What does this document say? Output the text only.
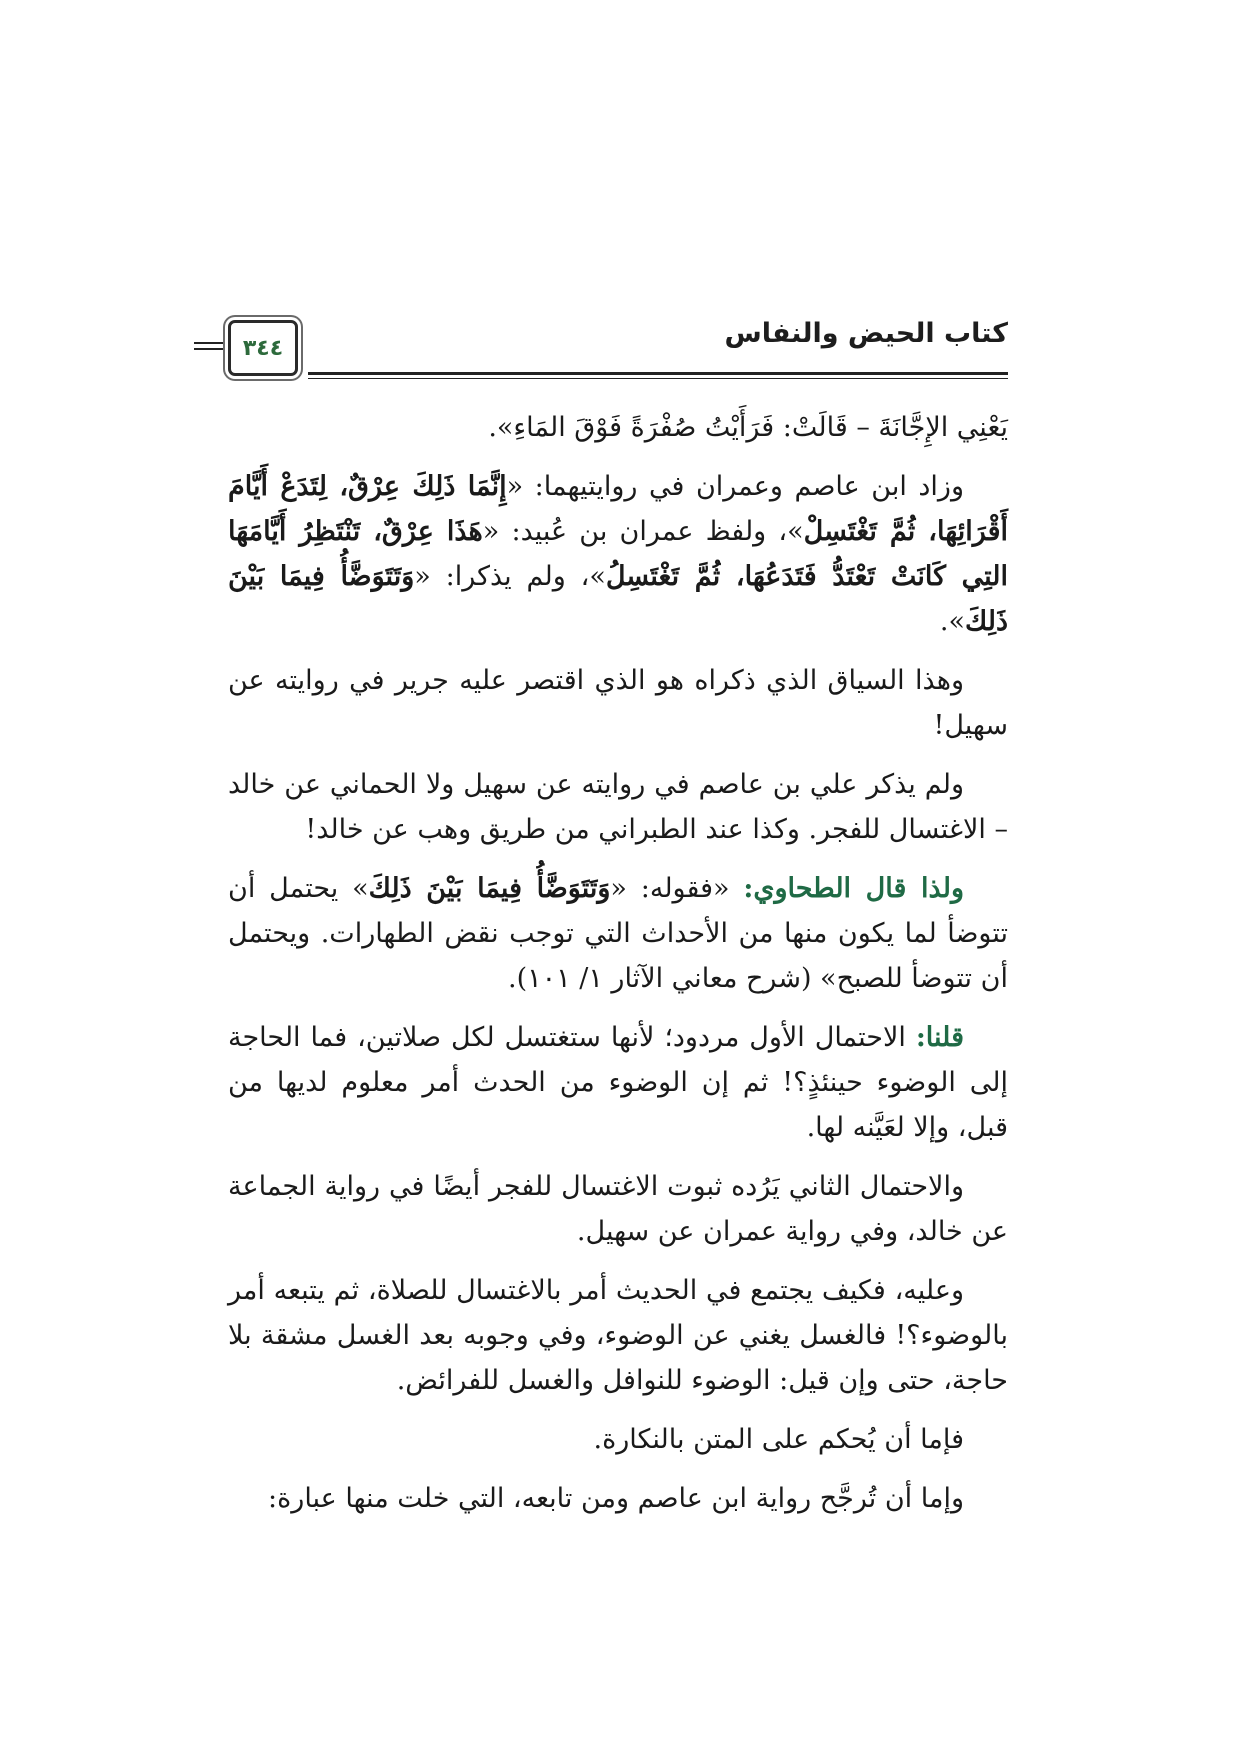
٣٤٤	كتاب الحيض والنفاس

يَعْنِي الإِجَّانَةَ – قَالَتْ: فَرَأَيْتُ صُفْرَةً فَوْقَ المَاءِ».

وزاد ابن عاصم وعمران في روايتيهما: «إِنَّمَا ذَلِكَ عِرْقٌ، لِتَدَعْ أَيَّامَ أَقْرَائِهَا، ثُمَّ تَغْتَسِلْ»، ولفظ عمران بن عُبيد: «هَذَا عِرْقٌ، تَنْتَظِرُ أَيَّامَهَا التِي كَانَتْ تَعْتَدُّ فَتَدَعُهَا، ثُمَّ تَغْتَسِلُ»، ولم يذكرا: «وَتَتَوَضَّأُ فِيمَا بَيْنَ ذَلِكَ».

وهذا السياق الذي ذكراه هو الذي اقتصر عليه جرير في روايته عن سهيل!

ولم يذكر علي بن عاصم في روايته عن سهيل ولا الحماني عن خالد – الاغتسال للفجر. وكذا عند الطبراني من طريق وهب عن خالد!

ولذا قال الطحاوي: «فقوله: «وَتَتَوَضَّأُ فِيمَا بَيْنَ ذَلِكَ» يحتمل أن تتوضأ لما يكون منها من الأحداث التي توجب نقض الطهارات. ويحتمل أن تتوضأ للصبح» (شرح معاني الآثار ١/ ١٠١).

قلنا: الاحتمال الأول مردود؛ لأنها ستغتسل لكل صلاتين، فما الحاجة إلى الوضوء حينئذٍ؟! ثم إن الوضوء من الحدث أمر معلوم لديها من قبل، وإلا لعَيَّنه لها.

والاحتمال الثاني يَرُده ثبوت الاغتسال للفجر أيضًا في رواية الجماعة عن خالد، وفي رواية عمران عن سهيل.

وعليه، فكيف يجتمع في الحديث أمر بالاغتسال للصلاة، ثم يتبعه أمر بالوضوء؟! فالغسل يغني عن الوضوء، وفي وجوبه بعد الغسل مشقة بلا حاجة، حتى وإن قيل: الوضوء للنوافل والغسل للفرائض.

فإما أن يُحكم على المتن بالنكارة.

وإما أن تُرجَّح رواية ابن عاصم ومن تابعه، التي خلت منها عبارة:
